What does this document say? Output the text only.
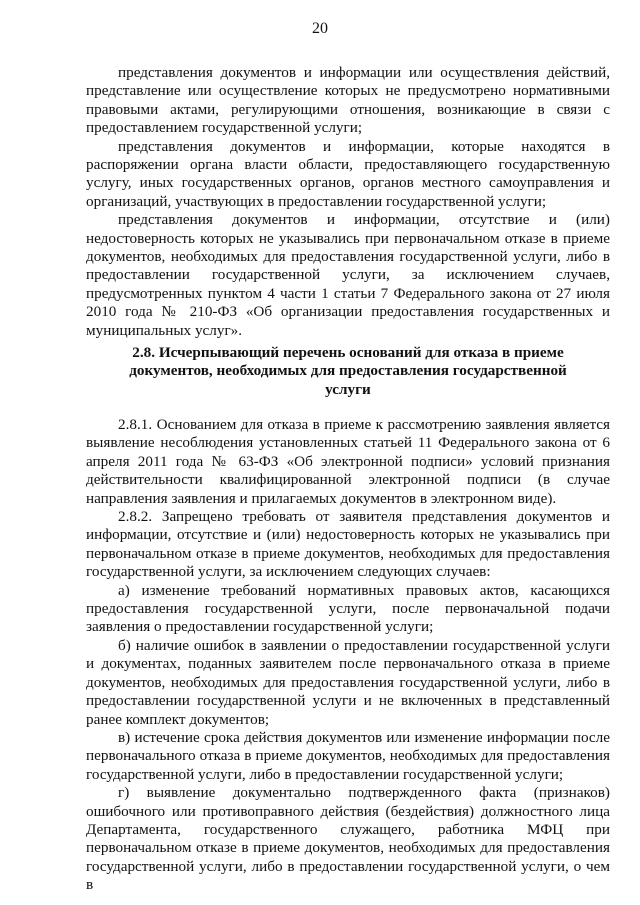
20

представления документов и информации или осуществления действий, представление или осуществление которых не предусмотрено нормативными правовыми актами, регулирующими отношения, возникающие в связи с предоставлением государственной услуги;

представления документов и информации, которые находятся в распоряжении органа власти области, предоставляющего государственную услугу, иных государственных органов, органов местного самоуправления и организаций, участвующих в предоставлении государственной услуги;

представления документов и информации, отсутствие и (или) недостоверность которых не указывались при первоначальном отказе в приеме документов, необходимых для предоставления государственной услуги, либо в предоставлении государственной услуги, за исключением случаев, предусмотренных пунктом 4 части 1 статьи 7 Федерального закона от 27 июля 2010 года № 210-ФЗ «Об организации предоставления государственных и муниципальных услуг».

2.8. Исчерпывающий перечень оснований для отказа в приеме документов, необходимых для предоставления государственной услуги

2.8.1. Основанием для отказа в приеме к рассмотрению заявления является выявление несоблюдения установленных статьей 11 Федерального закона от 6 апреля 2011 года № 63-ФЗ «Об электронной подписи» условий признания действительности квалифицированной электронной подписи (в случае направления заявления и прилагаемых документов в электронном виде).

2.8.2. Запрещено требовать от заявителя представления документов и информации, отсутствие и (или) недостоверность которых не указывались при первоначальном отказе в приеме документов, необходимых для предоставления государственной услуги, за исключением следующих случаев:

а) изменение требований нормативных правовых актов, касающихся предоставления государственной услуги, после первоначальной подачи заявления о предоставлении государственной услуги;

б) наличие ошибок в заявлении о предоставлении государственной услуги и документах, поданных заявителем после первоначального отказа в приеме документов, необходимых для предоставления государственной услуги, либо в предоставлении государственной услуги и не включенных в представленный ранее комплект документов;

в) истечение срока действия документов или изменение информации после первоначального отказа в приеме документов, необходимых для предоставления государственной услуги, либо в предоставлении государственной услуги;

г) выявление документально подтвержденного факта (признаков) ошибочного или противоправного действия (бездействия) должностного лица Департамента, государственного служащего, работника МФЦ при первоначальном отказе в приеме документов, необходимых для предоставления государственной услуги, либо в предоставлении государственной услуги, о чем в
